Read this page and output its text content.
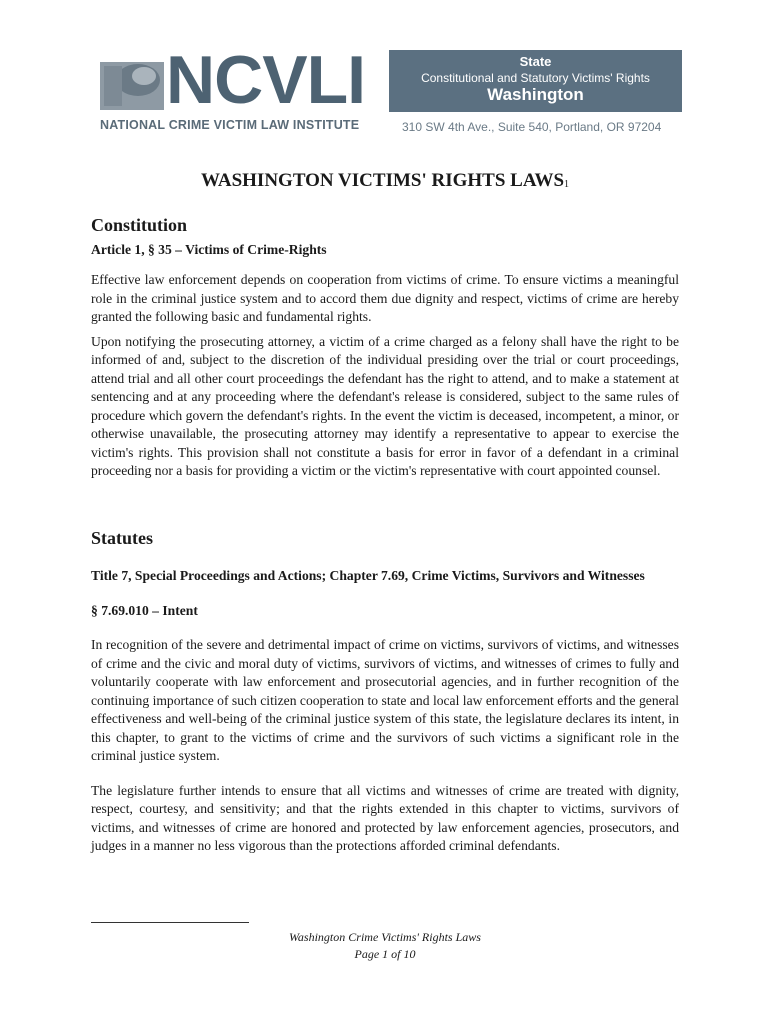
NCVLI
NATIONAL CRIME VICTIM LAW INSTITUTE
State
Constitutional and Statutory Victims' Rights
Washington
310 SW 4th Ave., Suite 540, Portland, OR 97204
WASHINGTON VICTIMS' RIGHTS LAWS$^1$
Constitution
Article 1, § 35 – Victims of Crime-Rights

Effective law enforcement depends on cooperation from victims of crime. To ensure victims a meaningful role in the criminal justice system and to accord them due dignity and respect, victims of crime are hereby granted the following basic and fundamental rights.

Upon notifying the prosecuting attorney, a victim of a crime charged as a felony shall have the right to be informed of and, subject to the discretion of the individual presiding over the trial or court proceedings, attend trial and all other court proceedings the defendant has the right to attend, and to make a statement at sentencing and at any proceeding where the defendant's release is considered, subject to the same rules of procedure which govern the defendant's rights. In the event the victim is deceased, incompetent, a minor, or otherwise unavailable, the prosecuting attorney may identify a representative to appear to exercise the victim's rights. This provision shall not constitute a basis for error in favor of a defendant in a criminal proceeding nor a basis for providing a victim or the victim's representative with court appointed counsel.

Statutes
Title 7, Special Proceedings and Actions; Chapter 7.69, Crime Victims, Survivors and Witnesses
§ 7.69.010 – Intent

In recognition of the severe and detrimental impact of crime on victims, survivors of victims, and witnesses of crime and the civic and moral duty of victims, survivors of victims, and witnesses of crimes to fully and voluntarily cooperate with law enforcement and prosecutorial agencies, and in further recognition of the continuing importance of such citizen cooperation to state and local law enforcement efforts and the general effectiveness and well-being of the criminal justice system of this state, the legislature declares its intent, in this chapter, to grant to the victims of crime and the survivors of such victims a significant role in the criminal justice system.

The legislature further intends to ensure that all victims and witnesses of crime are treated with dignity, respect, courtesy, and sensitivity; and that the rights extended in this chapter to victims, survivors of victims, and witnesses of crime are honored and protected by law enforcement agencies, prosecutors, and judges in a manner no less vigorous than the protections afforded criminal defendants.

Washington Crime Victims' Rights Laws
Page 1 of 10
